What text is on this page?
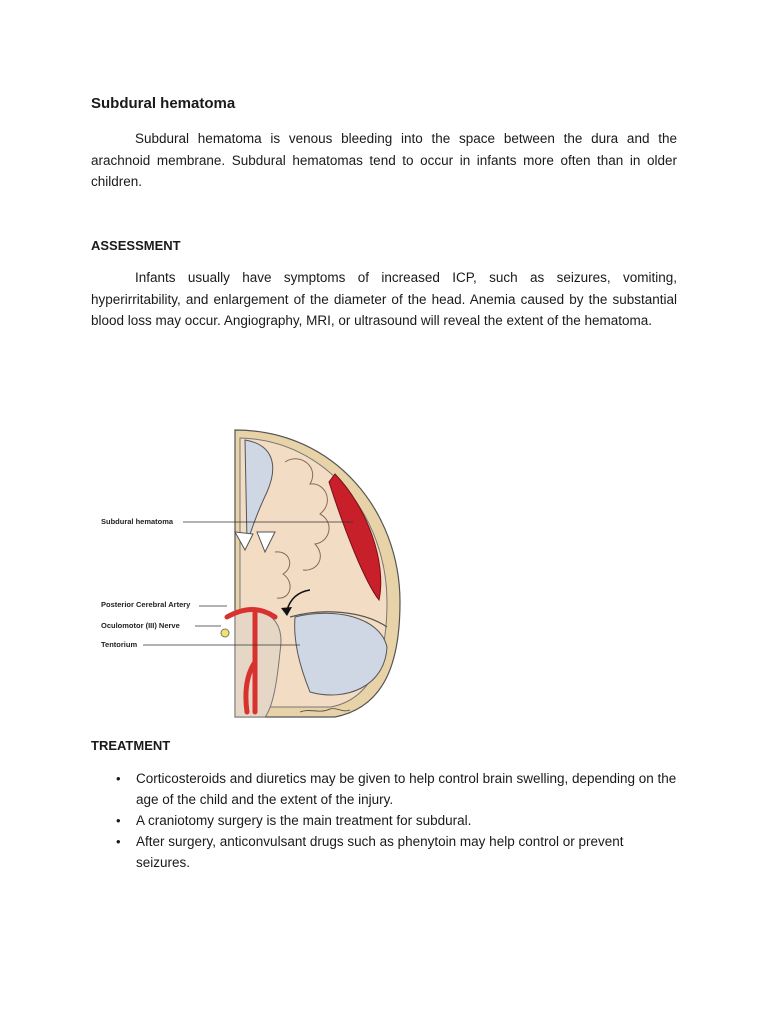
Subdural hematoma

Subdural hematoma is venous bleeding into the space between the dura and the arachnoid membrane. Subdural hematomas tend to occur in infants more often than in older children.

ASSESSMENT

Infants usually have symptoms of increased ICP, such as seizures, vomiting, hyperirritability, and enlargement of the diameter of the head. Anemia caused by the substantial blood loss may occur. Angiography, MRI, or ultrasound will reveal the extent of the hematoma.

Subdural hematoma
Posterior Cerebral Artery
Oculomotor (III) Nerve
Tentorium
TREATMENT
• Corticosteroids and diuretics may be given to help control brain swelling, depending on the age of the child and the extent of the injury.
• A craniotomy surgery is the main treatment for subdural.
• After surgery, anticonvulsant drugs such as phenytoin may help control or prevent seizures.
